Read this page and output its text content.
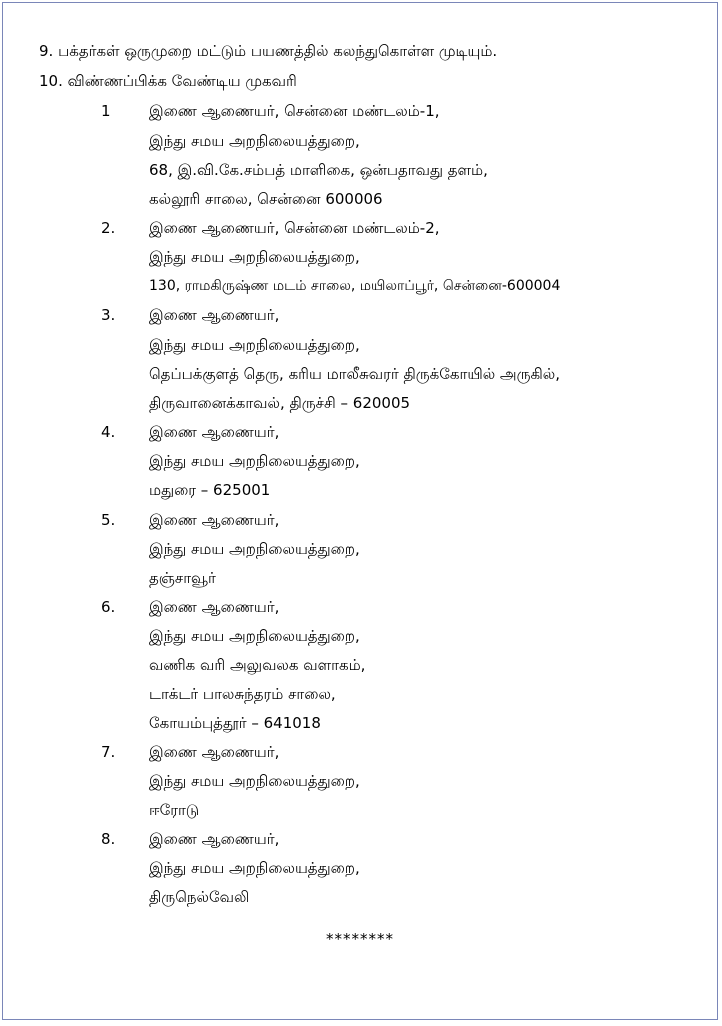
9. பக்தர்கள் ஒருமுறை மட்டும் பயணத்தில் கலந்துகொள்ள முடியும்.
10. விண்ணப்பிக்க வேண்டிய முகவரி
1	இணை ஆணையர், சென்னை மண்டலம்-1,
இந்து சமய அறநிலையத்துறை,
68, இ.வி.கே.சம்பத் மாளிகை, ஒன்பதாவது தளம்,
கல்லூரி சாலை, சென்னை 600006
2. இணை ஆணையர், சென்னை மண்டலம்-2,
இந்து சமய அறநிலையத்துறை,
130, ராமகிருஷ்ண மடம் சாலை, மயிலாப்பூர், சென்னை-600004
3. இணை ஆணையர்,
இந்து சமய அறநிலையத்துறை,
தெப்பக்குளத் தெரு, கரிய மாலீசுவரர் திருக்கோயில் அருகில்,
திருவானைக்காவல், திருச்சி – 620005
4. இணை ஆணையர்,
இந்து சமய அறநிலையத்துறை,
மதுரை – 625001
5. இணை ஆணையர்,
இந்து சமய அறநிலையத்துறை,
தஞ்சாவூர்
6. இணை ஆணையர்,
இந்து சமய அறநிலையத்துறை,
வணிக வரி அலுவலக வளாகம்,
டாக்டர் பாலசுந்தரம் சாலை,
கோயம்புத்தூர் – 641018
7. இணை ஆணையர்,
இந்து சமய அறநிலையத்துறை,
ஈரோடு
8. இணை ஆணையர்,
இந்து சமய அறநிலையத்துறை,
திருநெல்வேலி
********
